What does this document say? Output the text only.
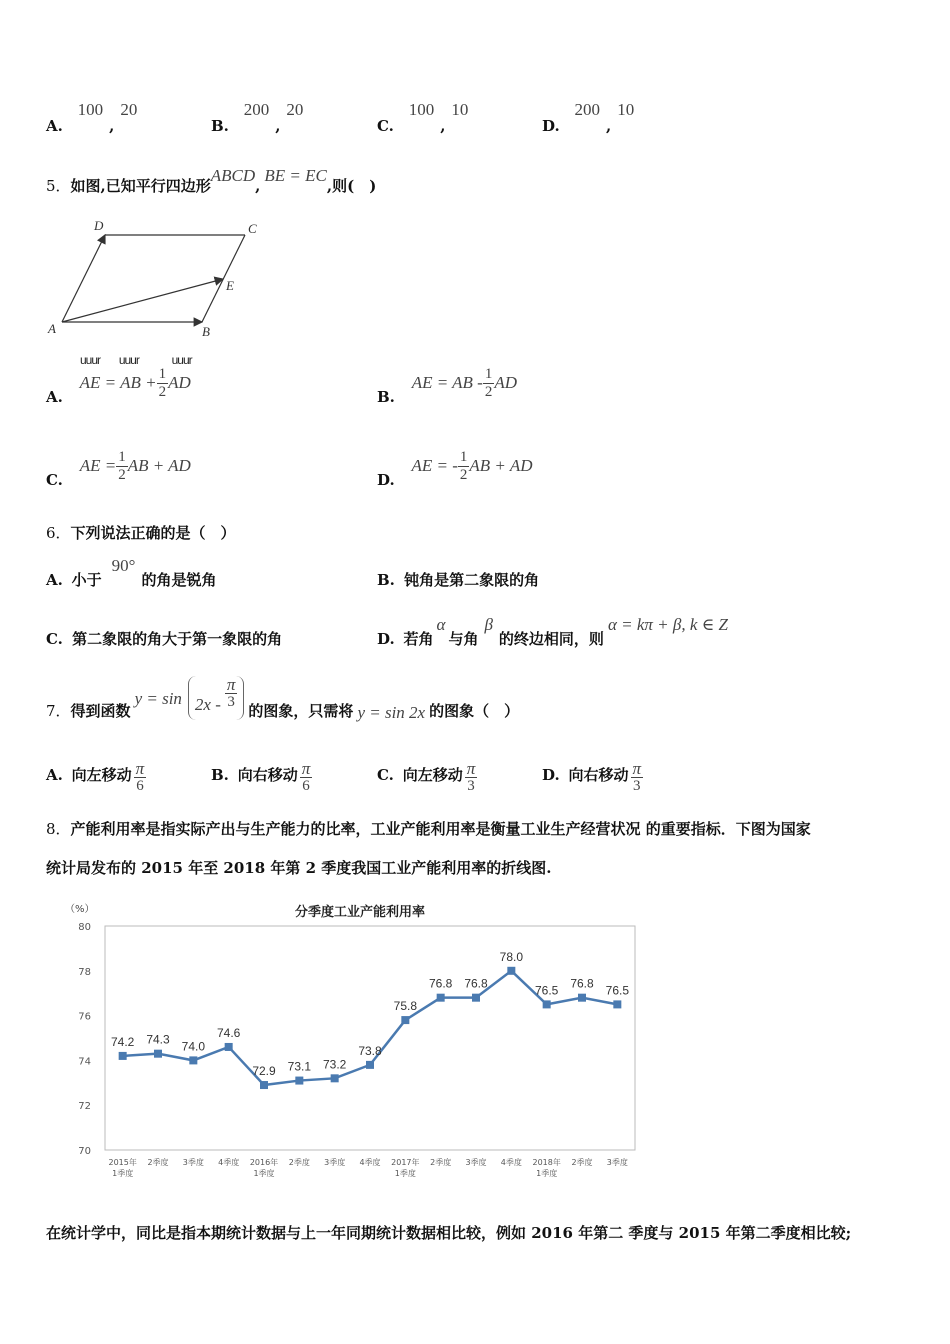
A. 100,20
B. 200,20
C. 100,10
D. 200,10
5．如图,已知平行四边形ABCD,BE = EC,则(　)
D	C
E
A	B
uuur uuur	uuur
A. AE = AB + $\frac{1}{2}$ AD
B. AE = AB - $\frac{1}{2}$ AD
C. AE = $\frac{1}{2}$ AB + AD
D. AE = - $\frac{1}{2}$ AB + AD
6．下列说法正确的是（　）
A. 小于90°的角是锐角	B. 钝角是第二象限的角
C. 第二象限的角大于第一象限的角	D. 若角α与角β的终边相同，则α = kπ + β, k ∈ Z
7．得到函数$y = \sin 2x - \frac{\pi}{3}$ 的图象，只需将 y = sin 2x 的图象（　）
A. 向左移动 $\frac{\pi}{6}$	B. 向右移动 $\frac{\pi}{6}$	C. 向左移动 $\frac{\pi}{3}$	D. 向右移动 $\frac{\pi}{3}$
8．产能利用率是指实际产出与生产能力的比率，工业产能利用率是衡量工业生产经营状况 的重要指标．下图为国家
统计局发布的 2015 年至 2018 年第 2 季度我国工业产能利用率的折线图.
分季度工业产能利用率
（%）
80
78
76
74
72
70
74.2 74.3 74.0
74.6
72.9 73.1 73.2
73.8
75.8
76.8 76.8
78.0
76.5 76.8 76.5
2015年
1季度
2季度 3季度 4季度 2016年
1季度
2季度 3季度 4季度 2017年
1季度
2季度 3季度 4季度 2018年
1季度
2季度 3季度
在统计学中，同比是指本期统计数据与上一年同期统计数据相比较，例如 2016 年第二 季度与 2015 年第二季度相比较;
